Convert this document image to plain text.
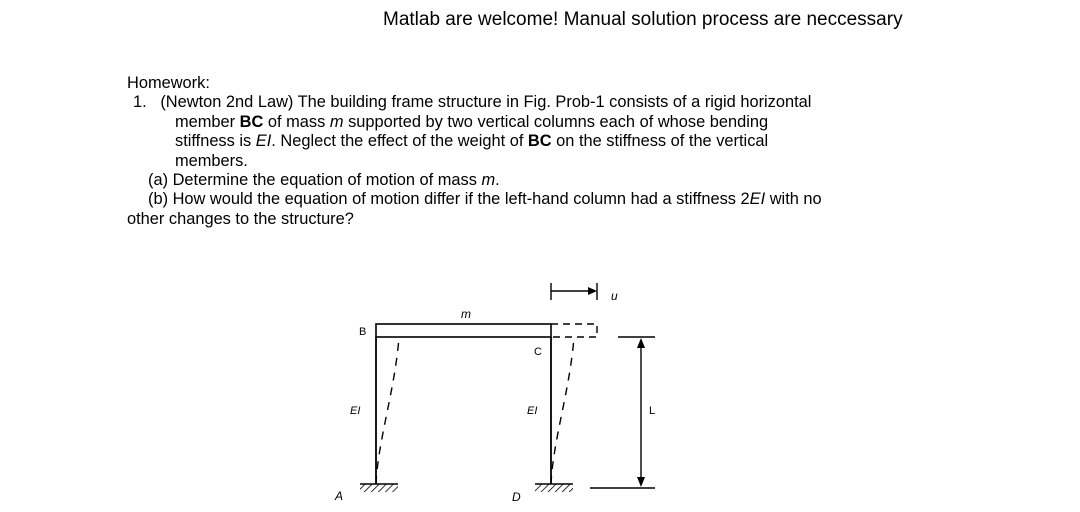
Matlab are welcome! Manual solution process are neccessary

Homework:

1. (Newton 2nd Law) The building frame structure in Fig. Prob-1 consists of a rigid horizontal

member BC of mass m supported by two vertical columns each of whose bending

stiffness is EI. Neglect the effect of the weight of BC on the stiffness of the vertical

members.

(a) Determine the equation of motion of mass m.

(b) How would the equation of motion differ if the left-hand column had a stiffness 2EI with no

other changes to the structure?

m
u
B
C
EI	EI	L
A	D
